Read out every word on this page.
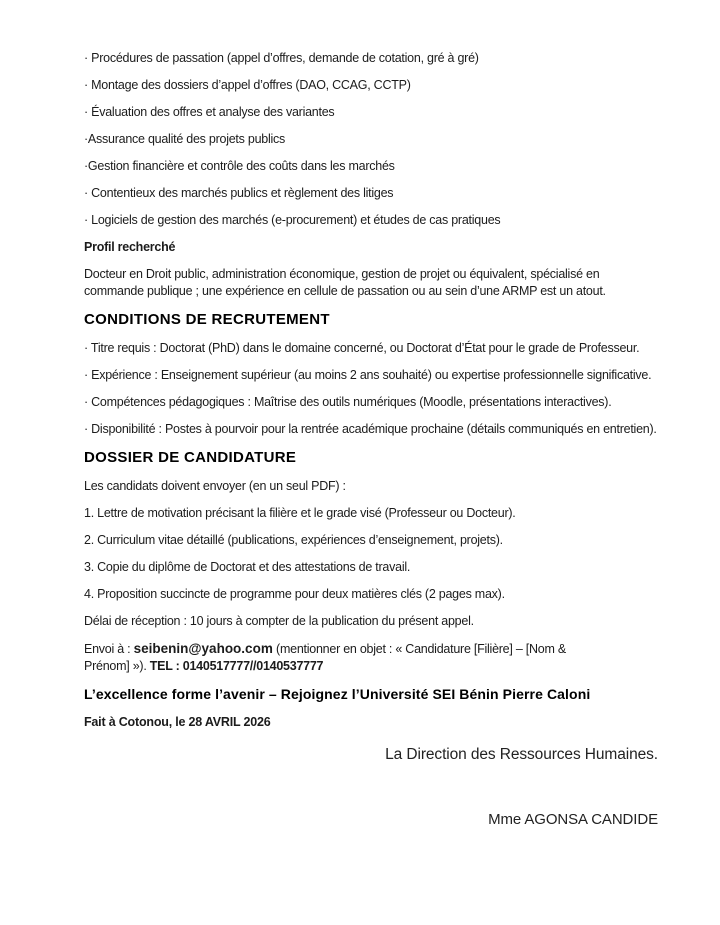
· Procédures de passation (appel d’offres, demande de cotation, gré à gré)

· Montage des dossiers d’appel d’offres (DAO, CCAG, CCTP)

· Évaluation des offres et analyse des variantes

·Assurance qualité des projets publics

·Gestion financière et contrôle des coûts dans les marchés

· Contentieux des marchés publics et règlement des litiges

· Logiciels de gestion des marchés (e-procurement) et études de cas pratiques

Profil recherché

Docteur en Droit public, administration économique, gestion de projet ou équivalent, spécialisé en commande publique ; une expérience en cellule de passation ou au sein d’une ARMP est un atout.

CONDITIONS DE RECRUTEMENT

· Titre requis : Doctorat (PhD) dans le domaine concerné, ou Doctorat d’État pour le grade de Professeur.

· Expérience : Enseignement supérieur (au moins 2 ans souhaité) ou expertise professionnelle significative.

· Compétences pédagogiques : Maîtrise des outils numériques (Moodle, présentations interactives).

· Disponibilité : Postes à pourvoir pour la rentrée académique prochaine (détails communiqués en entretien).

DOSSIER DE CANDIDATURE

Les candidats doivent envoyer (en un seul PDF) :

1. Lettre de motivation précisant la filière et le grade visé (Professeur ou Docteur).

2. Curriculum vitae détaillé (publications, expériences d’enseignement, projets).

3. Copie du diplôme de Doctorat et des attestations de travail.

4. Proposition succincte de programme pour deux matières clés (2 pages max).

Délai de réception : 10 jours à compter de la publication du présent appel.

Envoi à : seibenin@yahoo.com (mentionner en objet : « Candidature [Filière] – [Nom &
Prénom] »). TEL : 0140517777//0140537777

L’excellence forme l’avenir – Rejoignez l’Université SEI Bénin Pierre Caloni

Fait à Cotonou, le 28 AVRIL 2026

La Direction des Ressources Humaines.

Mme AGONSA CANDIDE
